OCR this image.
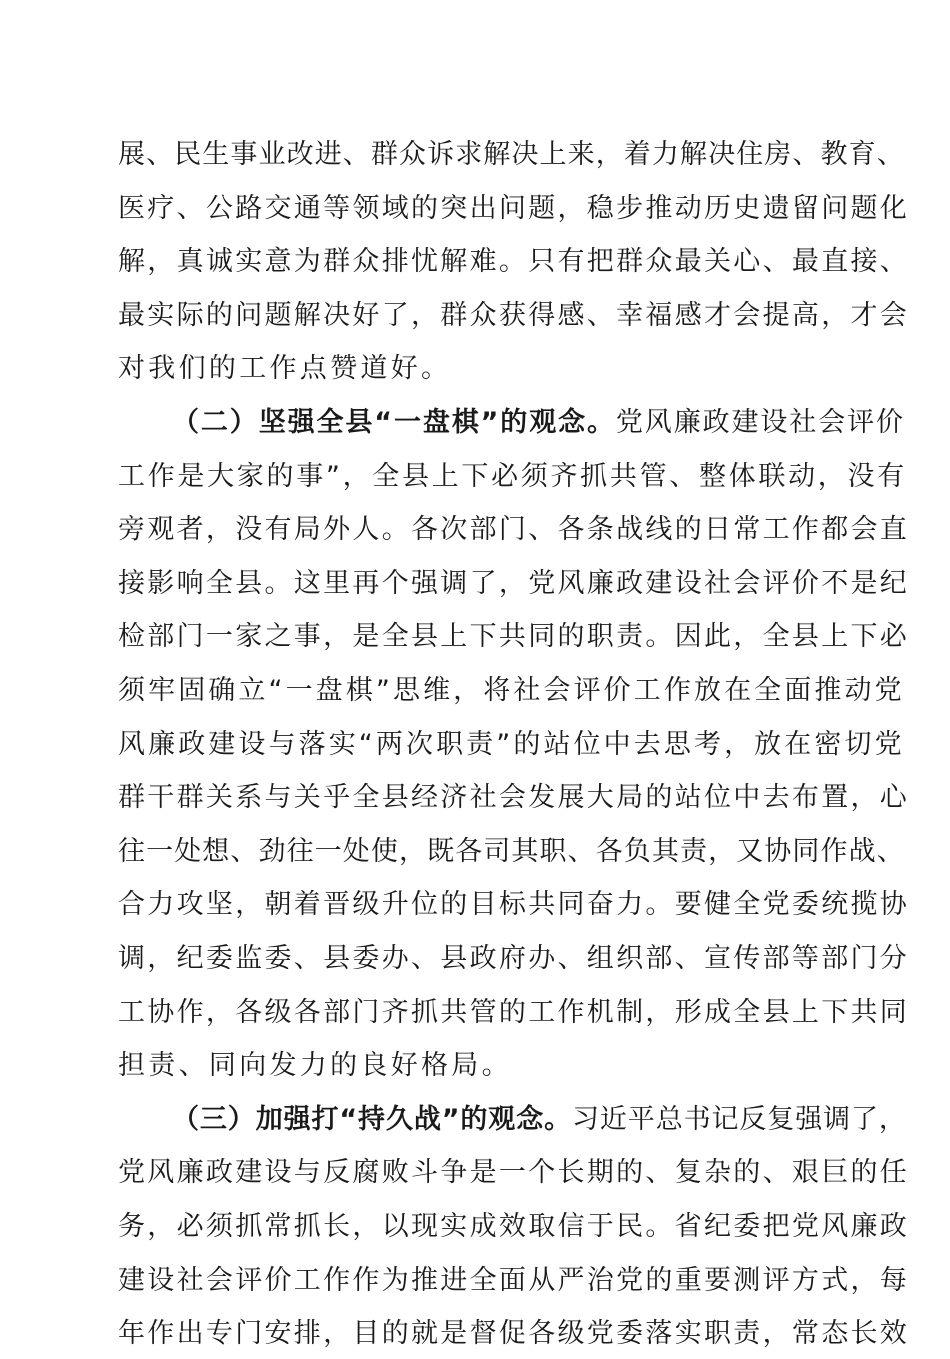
展、民生事业改进、群众诉求解决上来，着力解决住房、教育、
医疗、公路交通等领域的突出问题，稳步推动历史遗留问题化
解，真诚实意为群众排忧解难。只有把群众最关心、最直接、
最实际的问题解决好了，群众获得感、幸福感才会提高，才会
对我们的工作点赞道好。
（二）坚强全县“一盘棋”的观念。党风廉政建设社会评价
工作是大家的事”，全县上下必须齐抓共管、整体联动，没有
旁观者，没有局外人。各次部门、各条战线的日常工作都会直
接影响全县。这里再个强调了，党风廉政建设社会评价不是纪
检部门一家之事，是全县上下共同的职责。因此，全县上下必
须牢固确立“一盘棋”思维，将社会评价工作放在全面推动党
风廉政建设与落实“两次职责”的站位中去思考，放在密切党
群干群关系与关乎全县经济社会发展大局的站位中去布置，心
往一处想、劲往一处使，既各司其职、各负其责，又协同作战、
合力攻坚，朝着晋级升位的目标共同奋力。要健全党委统揽协
调，纪委监委、县委办、县政府办、组织部、宣传部等部门分
工协作，各级各部门齐抓共管的工作机制，形成全县上下共同
担责、同向发力的良好格局。
（三）加强打“持久战”的观念。习近平总书记反复强调了，
党风廉政建设与反腐败斗争是一个长期的、复杂的、艰巨的任
务，必须抓常抓长，以现实成效取信于民。省纪委把党风廉政
建设社会评价工作作为推进全面从严治党的重要测评方式，每
年作出专门安排，目的就是督促各级党委落实职责，常态长效
